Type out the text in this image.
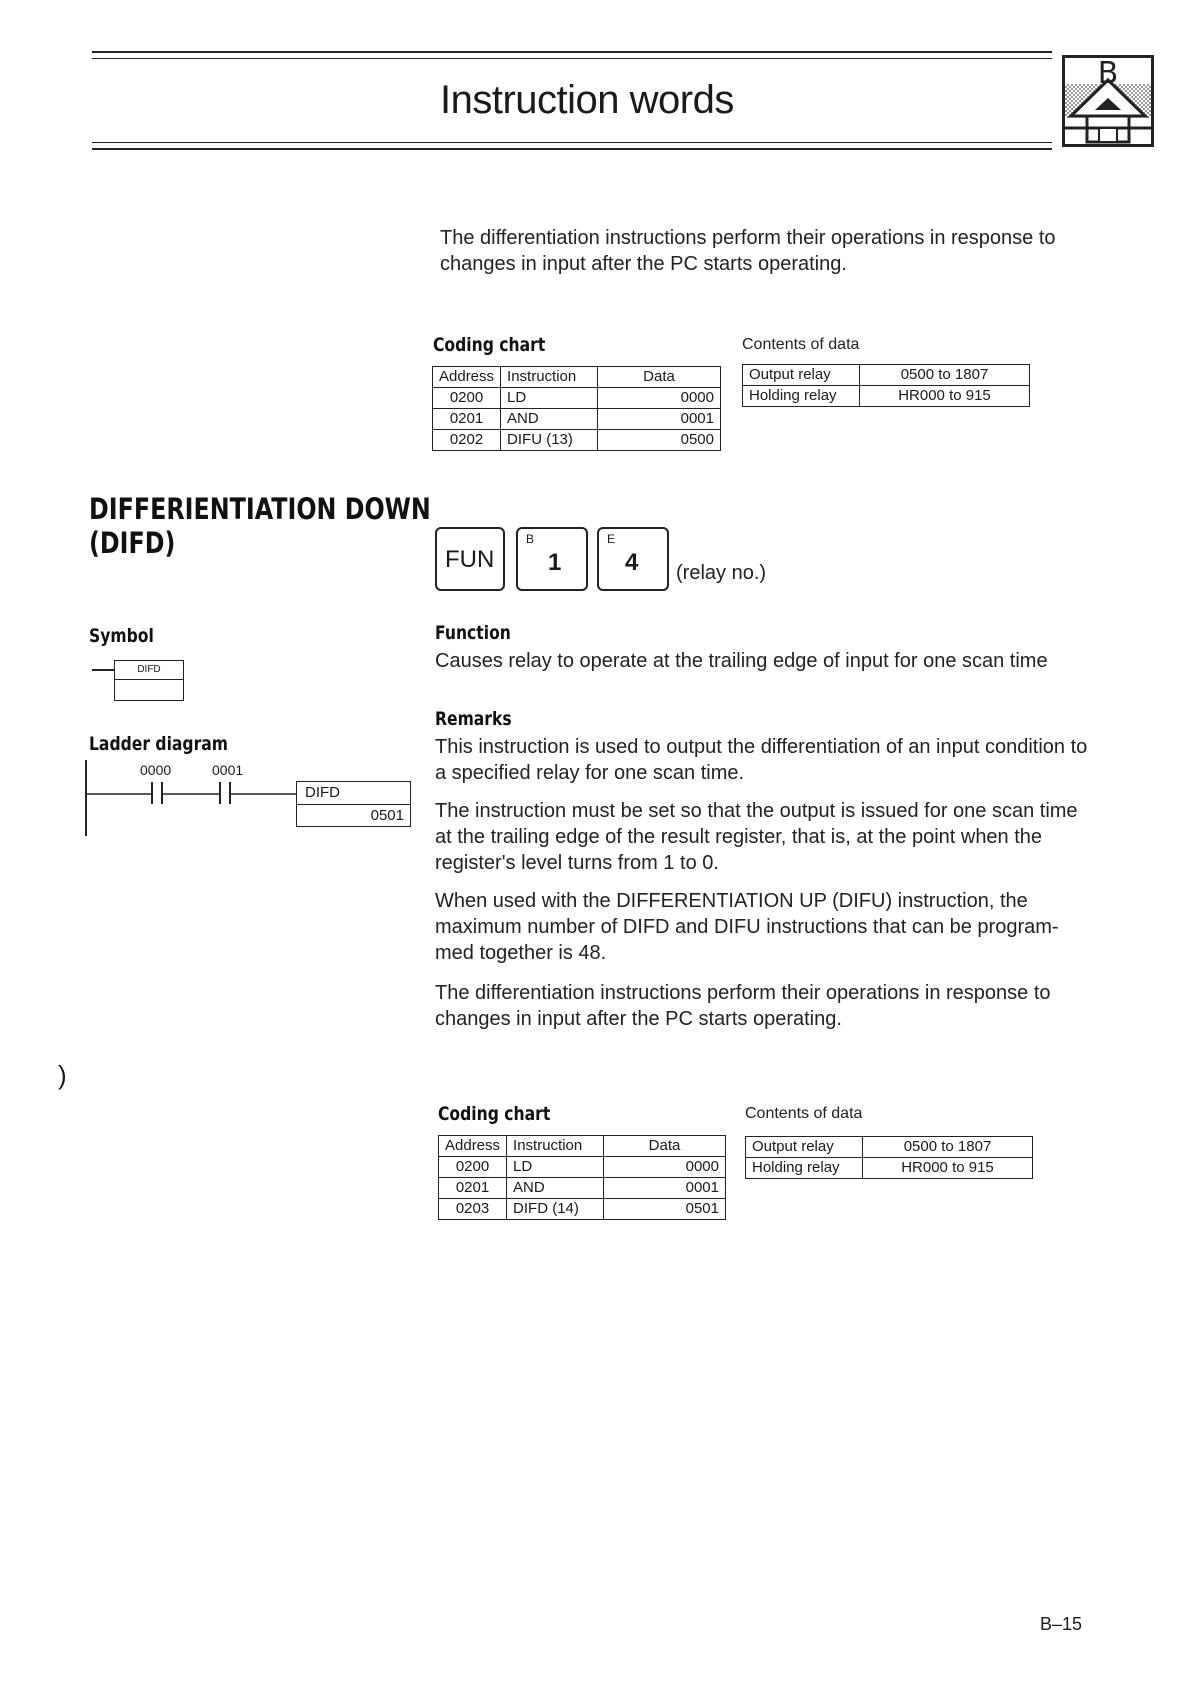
Instruction words
B
The differentiation instructions perform their operations in response to
changes in input after the PC starts operating.
Coding chart
Address	Instruction	Data
0200	LD	0000
0201	AND	0001
0202	DIFU (13)	0500
Contents of data
Output relay	0500 to 1807
Holding relay	HR000 to 915
DIFFERIENTIATION DOWN
(DIFD)	FUN
B
1
E
4 (relay no.)
Symbol
DIFD
Ladder diagram
0000	0001
DIFD
0501
Function
Causes relay to operate at the trailing edge of input for one scan time
Remarks
This instruction is used to output the differentiation of an input condition to
a specified relay for one scan time.
The instruction must be set so that the output is issued for one scan time
at the trailing edge of the result register, that is, at the point when the
register's level turns from 1 to 0.
When used with the DIFFERENTIATION UP (DIFU) instruction, the
maximum number of DIFD and DIFU instructions that can be program-
med together is 48.
The differentiation instructions perform their operations in response to
changes in input after the PC starts operating.
)
Coding chart
Address	Instruction	Data
0200	LD	0000
0201	AND	0001
0203	DIFD (14)	0501
Contents of data
Output relay	0500 to 1807
Holding relay	HR000 to 915
B–15
